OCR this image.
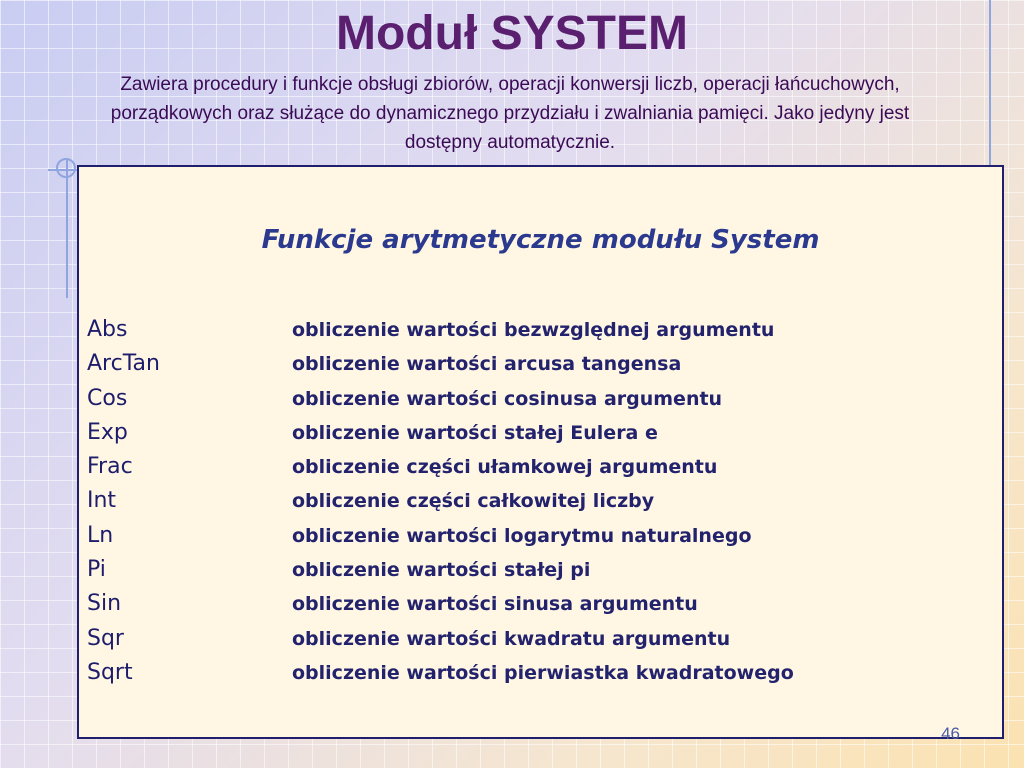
Moduł SYSTEM

Zawiera procedury i funkcje obsługi zbiorów, operacji konwersji liczb, operacji łańcuchowych, porządkowych oraz służące do dynamicznego przydziału i zwalniania pamięci. Jako jedyny jest dostępny automatycznie.

Funkcje arytmetyczne modułu System
Abs	obliczenie wartości bezwzględnej argumentu
ArcTan	obliczenie wartości arcusa tangensa
Cos	obliczenie wartości cosinusa argumentu
Exp	obliczenie wartości stałej Eulera e
Frac	obliczenie części ułamkowej argumentu
Int	obliczenie części całkowitej liczby
Ln	obliczenie wartości logarytmu naturalnego
Pi	obliczenie wartości stałej pi
Sin	obliczenie wartości sinusa argumentu
Sqr	obliczenie wartości kwadratu argumentu
Sqrt	obliczenie wartości pierwiastka kwadratowego
46
